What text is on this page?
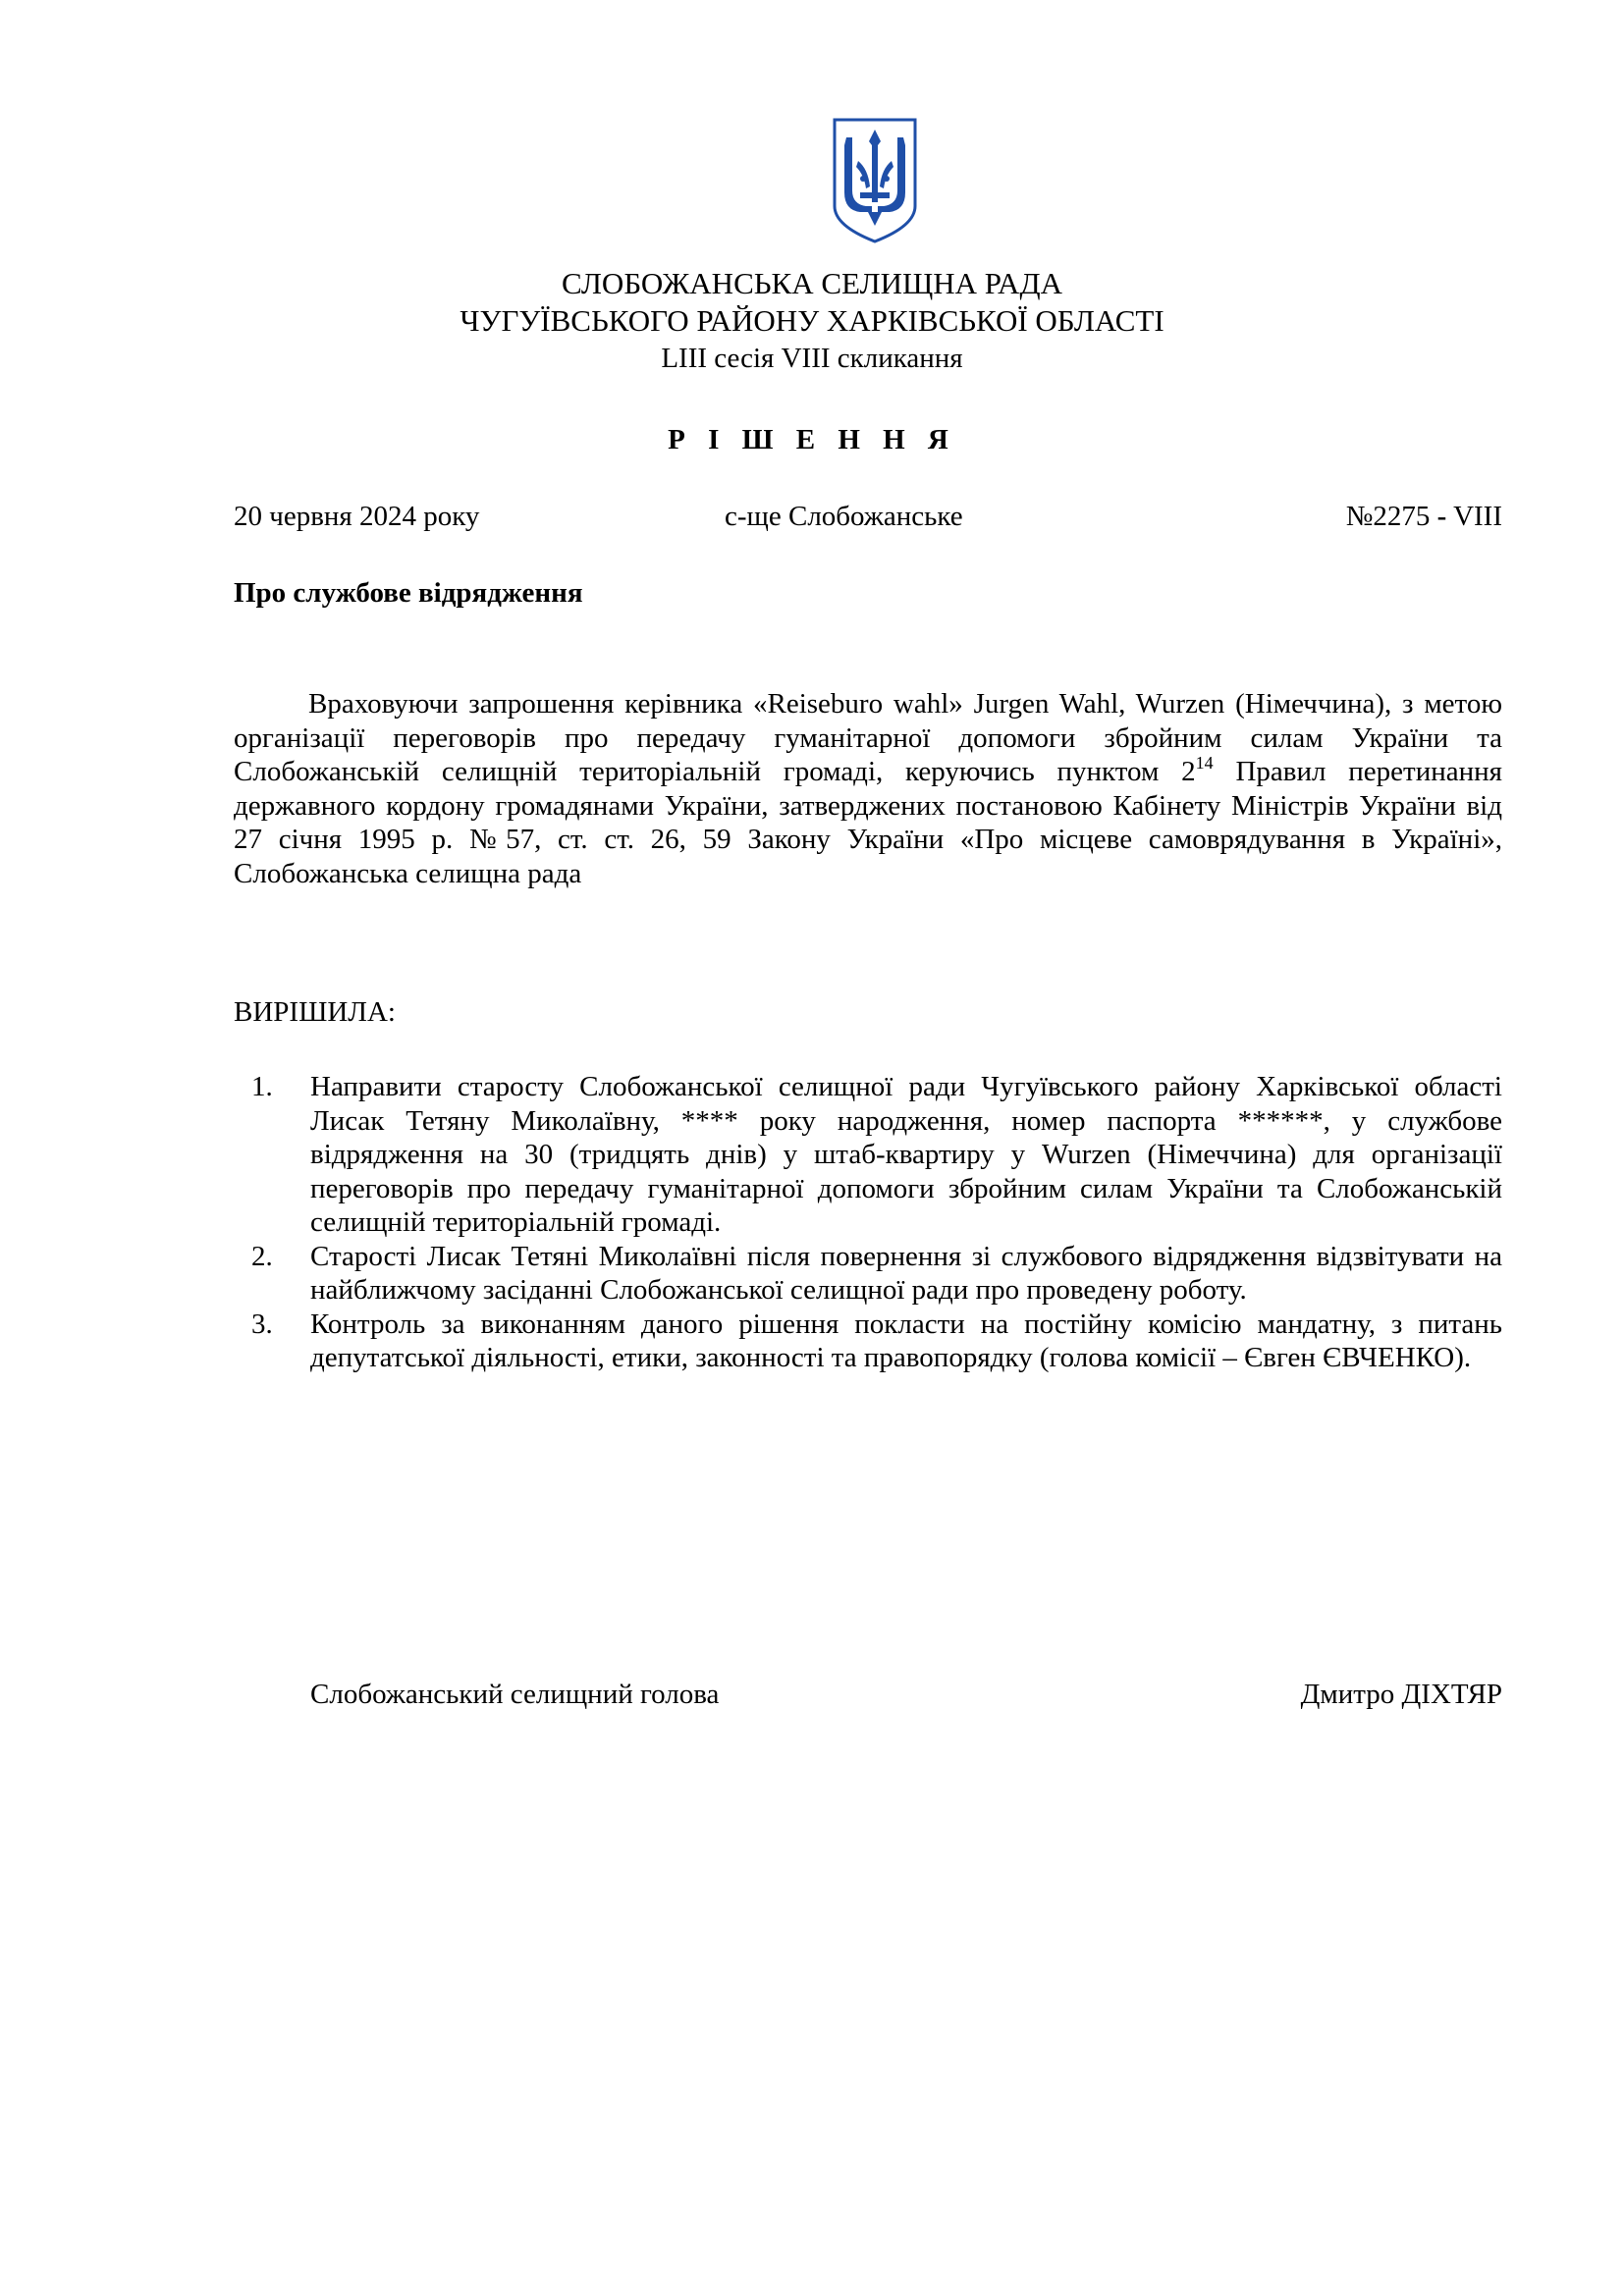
СЛОБОЖАНСЬКА СЕЛИЩНА РАДА
ЧУГУЇВСЬКОГО РАЙОНУ ХАРКІВСЬКОЇ ОБЛАСТІ
LIII сесія VIII скликання
Р І Ш Е Н Н Я
20 червня 2024 року	с-ще Слобожанське	№2275 - VIII
Про службове відрядження

Враховуючи запрошення керівника «Reiseburo wahl» Jurgen Wahl, Wurzen (Німеччина), з метою організації переговорів про передачу гуманітарної допомоги збройним силам України та Слобожанській селищній територіальній громаді, керуючись пунктом $2^{14}$ Правил перетинання державного кордону громадянами України, затверджених постановою Кабінету Міністрів України від 27 січня 1995 р. №57, ст. ст. 26, 59 Закону України «Про місцеве самоврядування в Україні», Слобожанська селищна рада

ВИРІШИЛА:
1. Направити старосту Слобожанської селищної ради Чугуївського району Харківської області Лисак Тетяну Миколаївну, **** року народження, номер паспорта ******, у службове відрядження на 30 (тридцять днів) у штаб-квартиру у Wurzen (Німеччина) для організації переговорів про передачу гуманітарної допомоги збройним силам України та Слобожанській селищній територіальній громаді.
2. Старості Лисак Тетяні Миколаївні після повернення зі службового відрядження відзвітувати на найближчому засіданні Слобожанської селищної ради про проведену роботу.
3. Контроль за виконанням даного рішення покласти на постійну комісію мандатну, з питань депутатської діяльності, етики, законності та правопорядку (голова комісії – Євген ЄВЧЕНКО).
Слобожанський селищний голова	Дмитро ДІХТЯР
